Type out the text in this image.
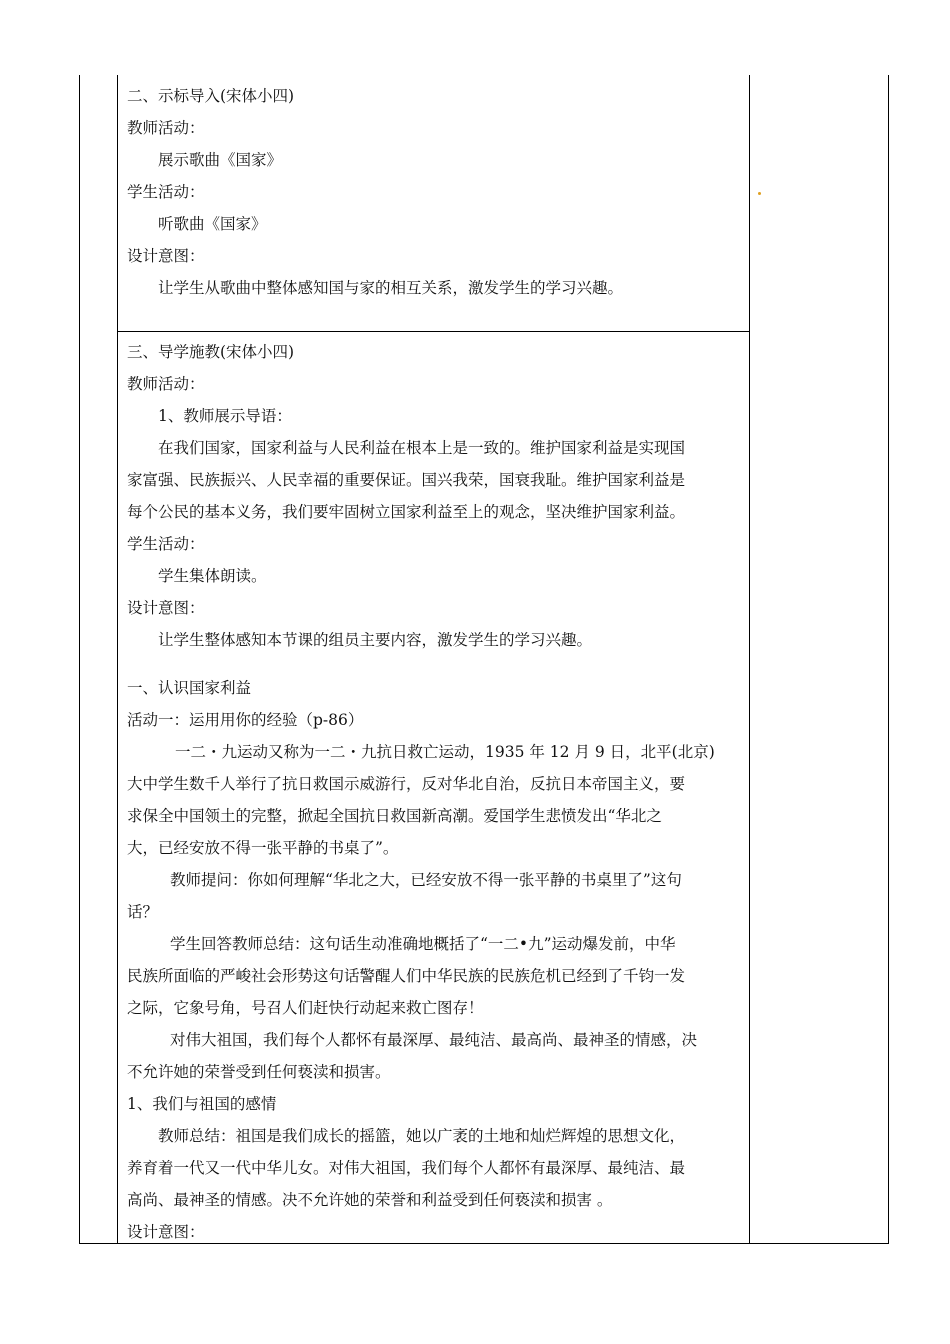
二、示标导入(宋体小四)
教师活动：
展示歌曲《国家》
学生活动：
听歌曲《国家》
设计意图：
让学生从歌曲中整体感知国与家的相互关系，激发学生的学习兴趣。
三、导学施教(宋体小四)
教师活动：
1、教师展示导语：
在我们国家，国家利益与人民利益在根本上是一致的。维护国家利益是实现国
家富强、民族振兴、人民幸福的重要保证。国兴我荣，国衰我耻。维护国家利益是
每个公民的基本义务，我们要牢固树立国家利益至上的观念，坚决维护国家利益。
学生活动：
学生集体朗读。
设计意图：
让学生整体感知本节课的组员主要内容，激发学生的学习兴趣。
一、认识国家利益
活动一：运用用你的经验（p-86）
一二・九运动又称为一二・九抗日救亡运动，1935 年 12 月 9 日，北平(北京)
大中学生数千人举行了抗日救国示威游行，反对华北自治，反抗日本帝国主义，要
求保全中国领土的完整，掀起全国抗日救国新高潮。爱国学生悲愤发出“华北之
大，已经安放不得一张平静的书桌了”。
教师提问：你如何理解“华北之大，已经安放不得一张平静的书桌里了”这句
话？
学生回答教师总结：这句话生动准确地概括了“一二•九”运动爆发前，中华
民族所面临的严峻社会形势这句话警醒人们中华民族的民族危机已经到了千钧一发
之际，它象号角，号召人们赶快行动起来救亡图存！
对伟大祖国，我们每个人都怀有最深厚、最纯洁、最高尚、最神圣的情感，决
不允许她的荣誉受到任何亵渎和损害。
1、我们与祖国的感情
教师总结：祖国是我们成长的摇篮，她以广袤的土地和灿烂辉煌的思想文化，
养育着一代又一代中华儿女。对伟大祖国，我们每个人都怀有最深厚、最纯洁、最
高尚、最神圣的情感。决不允许她的荣誉和利益受到任何亵渎和损害 。
设计意图：
